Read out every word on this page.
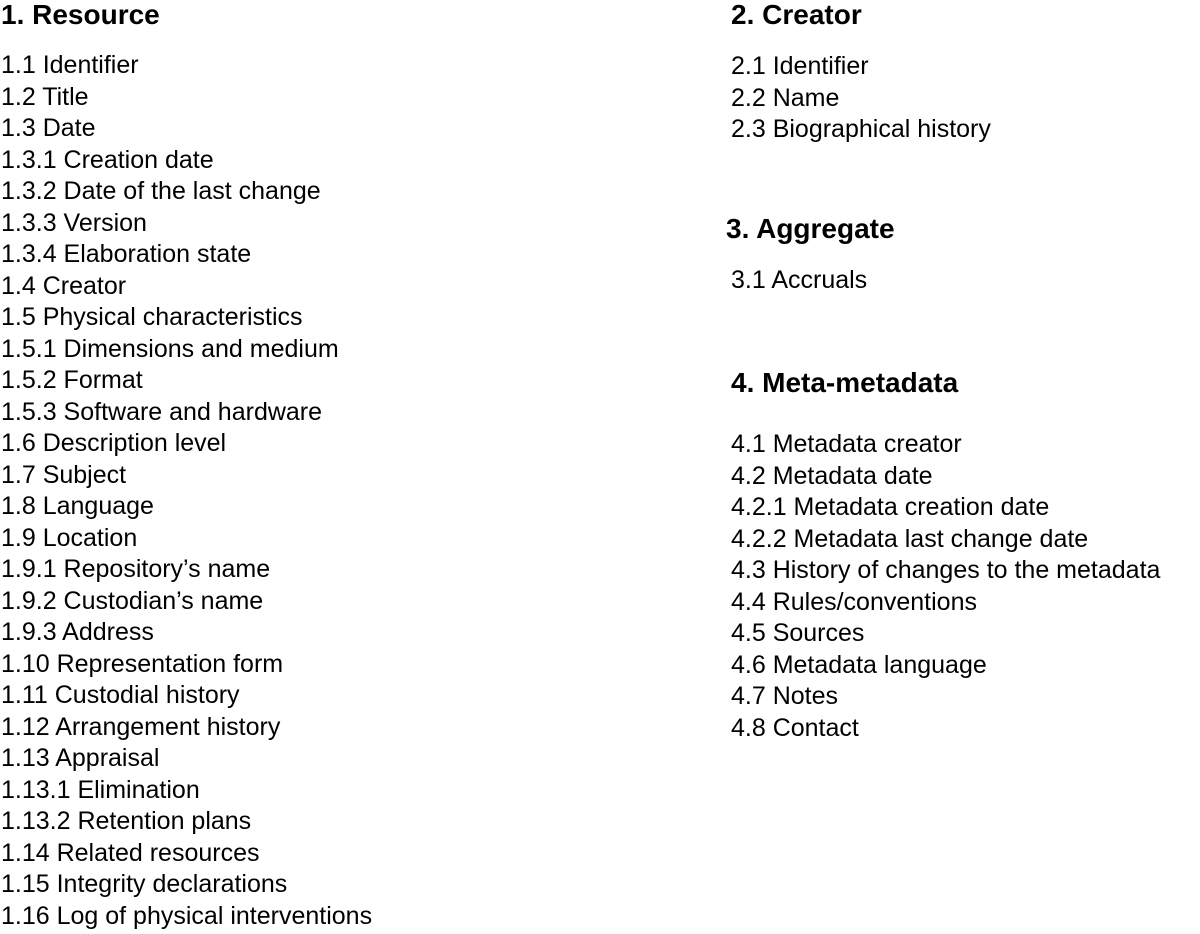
1. Resource
1.1 Identifier
1.2 Title
1.3 Date
1.3.1 Creation date
1.3.2 Date of the last change
1.3.3 Version
1.3.4 Elaboration state
1.4 Creator
1.5 Physical characteristics
1.5.1 Dimensions and medium
1.5.2 Format
1.5.3 Software and hardware
1.6 Description level
1.7 Subject
1.8 Language
1.9 Location
1.9.1 Repository’s name
1.9.2 Custodian’s name
1.9.3 Address
1.10 Representation form
1.11 Custodial history
1.12 Arrangement history
1.13 Appraisal
1.13.1 Elimination
1.13.2 Retention plans
1.14 Related resources
1.15 Integrity declarations
1.16 Log of physical interventions
2. Creator
2.1 Identifier
2.2 Name
2.3 Biographical history
3. Aggregate
3.1 Accruals
4. Meta-metadata
4.1 Metadata creator
4.2 Metadata date
4.2.1 Metadata creation date
4.2.2 Metadata last change date
4.3 History of changes to the metadata
4.4 Rules/conventions
4.5 Sources
4.6 Metadata language
4.7 Notes
4.8 Contact
